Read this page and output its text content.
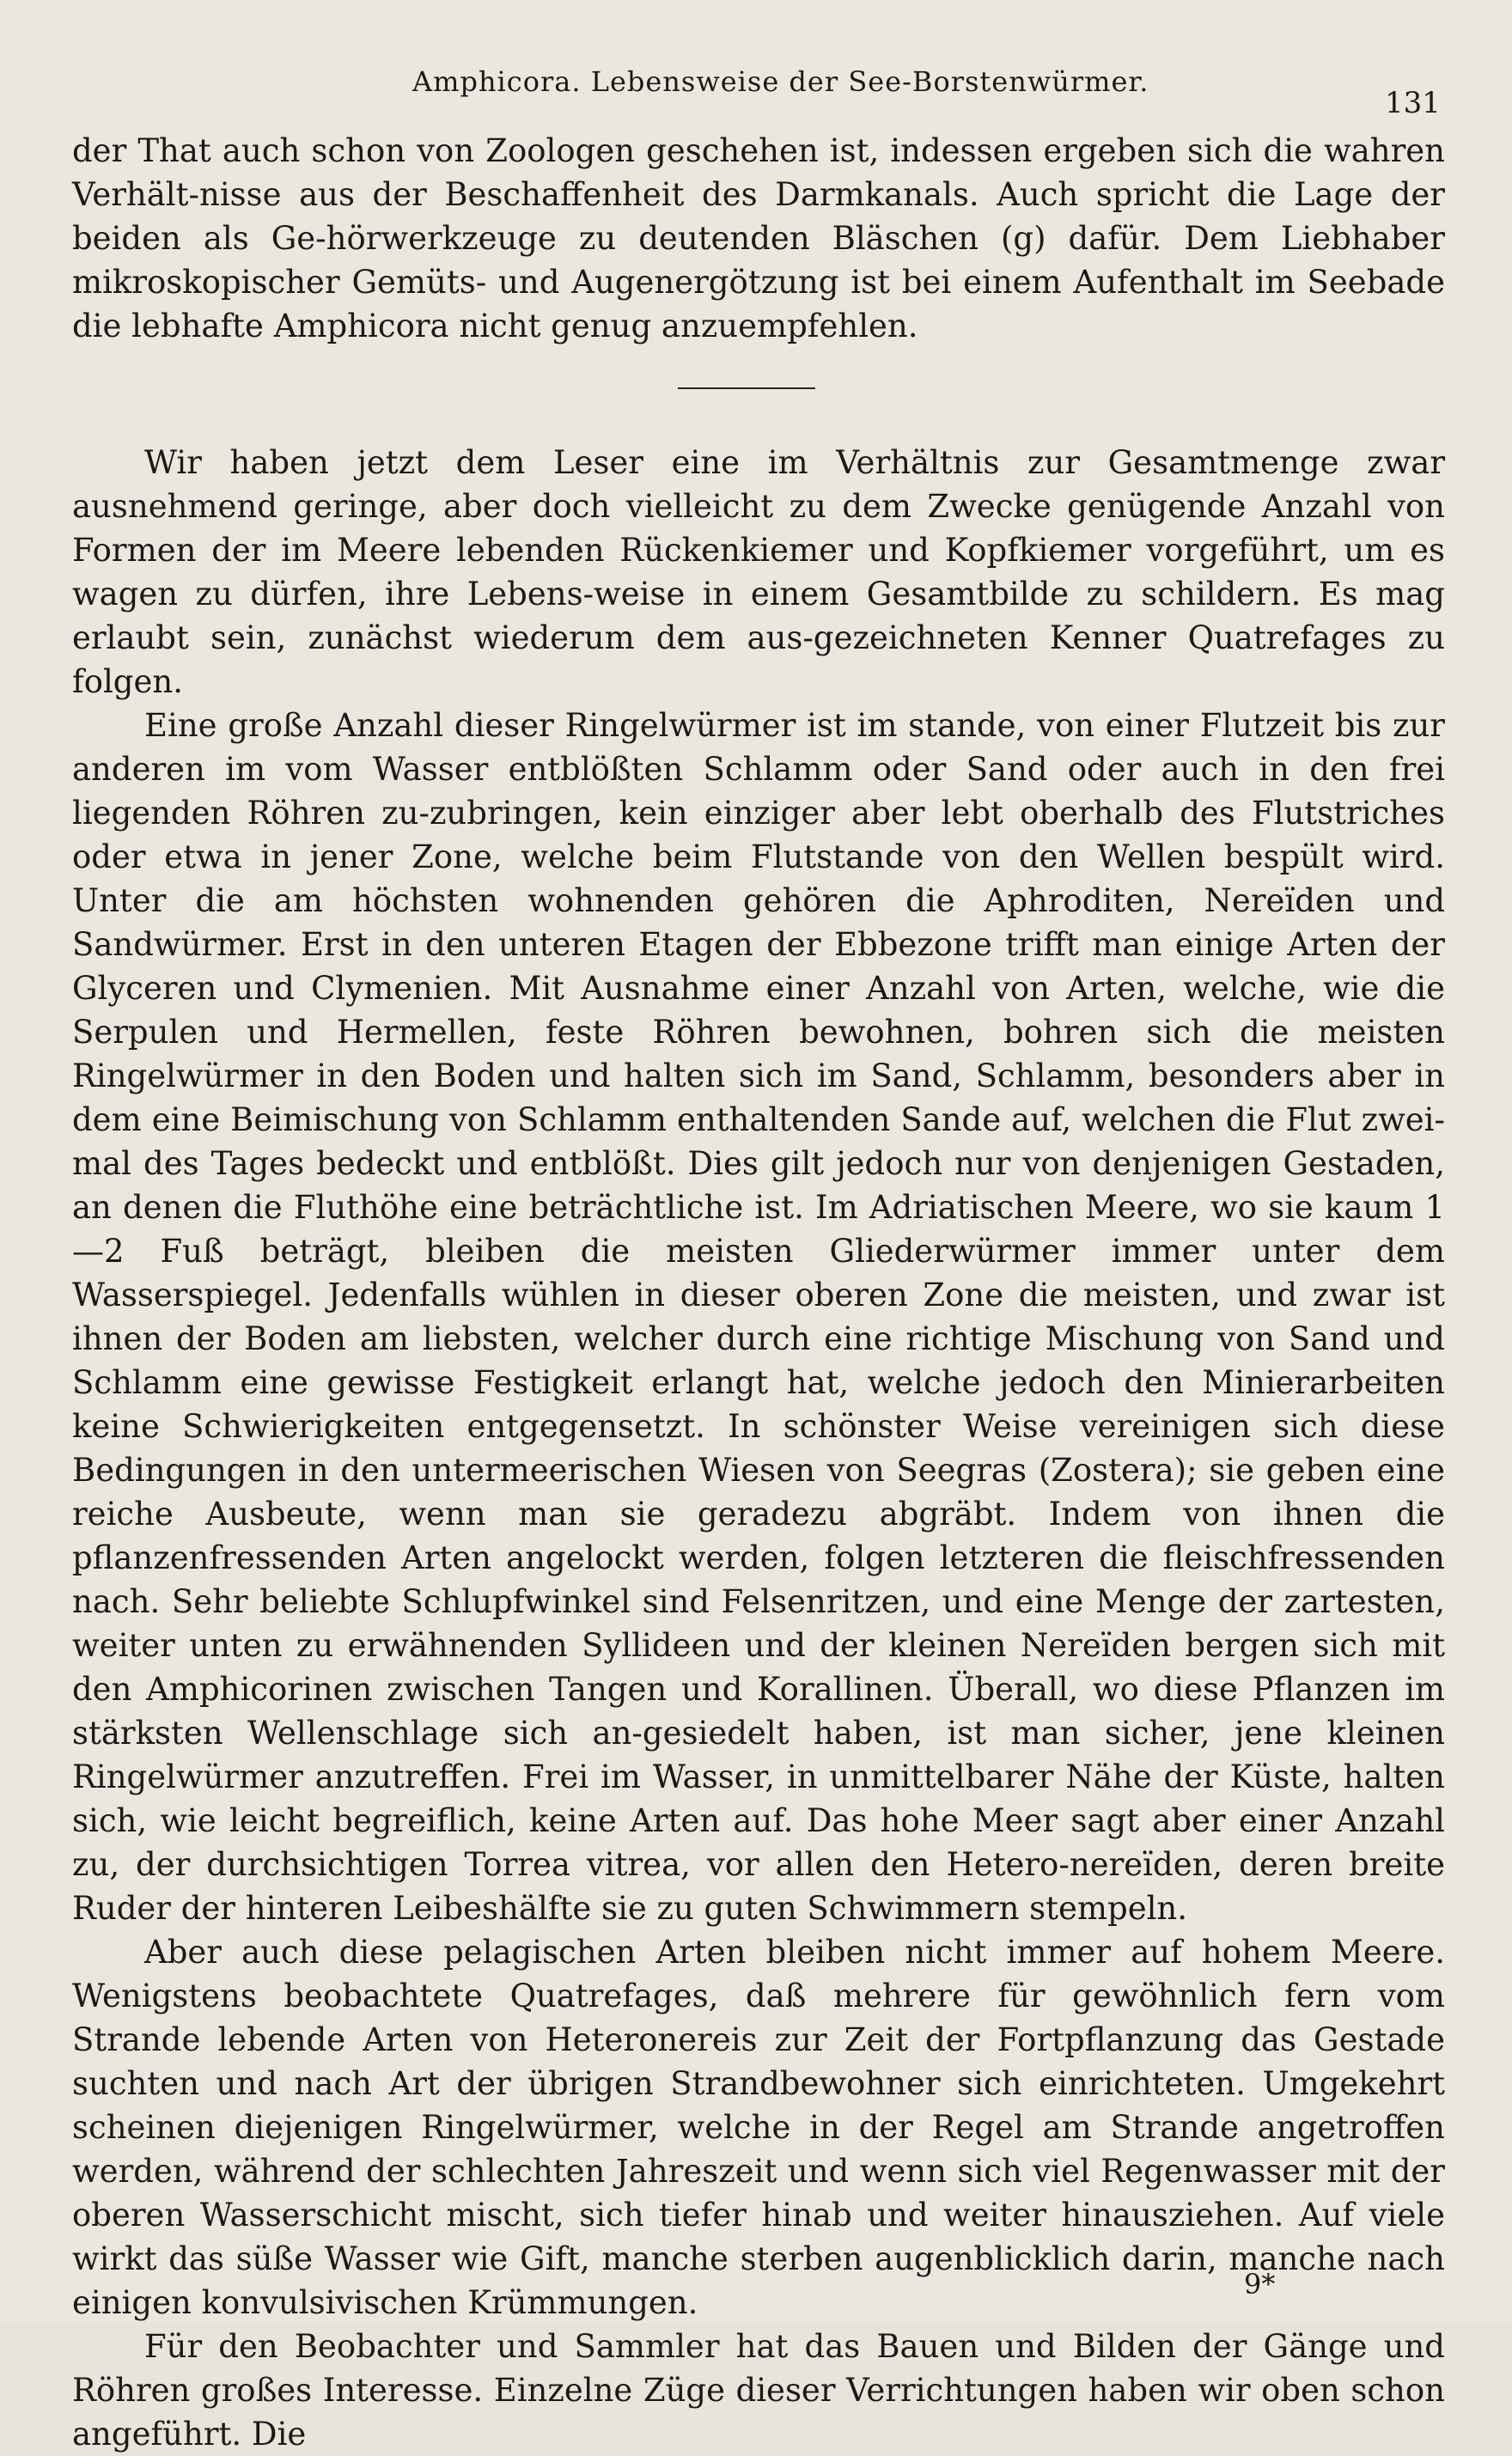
Amphicora. Lebensweise der See-Borstenwürmer.
131

der That auch schon von Zoologen geschehen ist, indessen ergeben sich die wahren Verhält-nisse aus der Beschaffenheit des Darmkanals. Auch spricht die Lage der beiden als Ge-hörwerkzeuge zu deutenden Bläschen (g) dafür. Dem Liebhaber mikroskopischer Gemüts- und Augenergötzung ist bei einem Aufenthalt im Seebade die lebhafte Amphicora nicht genug anzuempfehlen.

Wir haben jetzt dem Leser eine im Verhältnis zur Gesamtmenge zwar ausnehmend geringe, aber doch vielleicht zu dem Zwecke genügende Anzahl von Formen der im Meere lebenden Rückenkiemer und Kopfkiemer vorgeführt, um es wagen zu dürfen, ihre Lebens-weise in einem Gesamtbilde zu schildern. Es mag erlaubt sein, zunächst wiederum dem aus-gezeichneten Kenner Quatrefages zu folgen.

Eine große Anzahl dieser Ringelwürmer ist im stande, von einer Flutzeit bis zur anderen im vom Wasser entblößten Schlamm oder Sand oder auch in den frei liegenden Röhren zu-zubringen, kein einziger aber lebt oberhalb des Flutstriches oder etwa in jener Zone, welche beim Flutstande von den Wellen bespült wird. Unter die am höchsten wohnenden gehören die Aphroditen, Nereïden und Sandwürmer. Erst in den unteren Etagen der Ebbezone trifft man einige Arten der Glyceren und Clymenien. Mit Ausnahme einer Anzahl von Arten, welche, wie die Serpulen und Hermellen, feste Röhren bewohnen, bohren sich die meisten Ringelwürmer in den Boden und halten sich im Sand, Schlamm, besonders aber in dem eine Beimischung von Schlamm enthaltenden Sande auf, welchen die Flut zwei-mal des Tages bedeckt und entblößt. Dies gilt jedoch nur von denjenigen Gestaden, an denen die Fluthöhe eine beträchtliche ist. Im Adriatischen Meere, wo sie kaum 1—2 Fuß beträgt, bleiben die meisten Gliederwürmer immer unter dem Wasserspiegel. Jedenfalls wühlen in dieser oberen Zone die meisten, und zwar ist ihnen der Boden am liebsten, welcher durch eine richtige Mischung von Sand und Schlamm eine gewisse Festigkeit erlangt hat, welche jedoch den Minierarbeiten keine Schwierigkeiten entgegensetzt. In schönster Weise vereinigen sich diese Bedingungen in den untermeerischen Wiesen von Seegras (Zostera); sie geben eine reiche Ausbeute, wenn man sie geradezu abgräbt. Indem von ihnen die pflanzenfressenden Arten angelockt werden, folgen letzteren die fleischfressenden nach. Sehr beliebte Schlupfwinkel sind Felsenritzen, und eine Menge der zartesten, weiter unten zu erwähnenden Syllideen und der kleinen Nereïden bergen sich mit den Amphicorinen zwischen Tangen und Korallinen. Überall, wo diese Pflanzen im stärksten Wellenschlage sich an-gesiedelt haben, ist man sicher, jene kleinen Ringelwürmer anzutreffen. Frei im Wasser, in unmittelbarer Nähe der Küste, halten sich, wie leicht begreiflich, keine Arten auf. Das hohe Meer sagt aber einer Anzahl zu, der durchsichtigen Torrea vitrea, vor allen den Hetero-nereïden, deren breite Ruder der hinteren Leibeshälfte sie zu guten Schwimmern stempeln.

Aber auch diese pelagischen Arten bleiben nicht immer auf hohem Meere. Wenigstens beobachtete Quatrefages, daß mehrere für gewöhnlich fern vom Strande lebende Arten von Heteronereis zur Zeit der Fortpflanzung das Gestade suchten und nach Art der übrigen Strandbewohner sich einrichteten. Umgekehrt scheinen diejenigen Ringelwürmer, welche in der Regel am Strande angetroffen werden, während der schlechten Jahreszeit und wenn sich viel Regenwasser mit der oberen Wasserschicht mischt, sich tiefer hinab und weiter hinausziehen. Auf viele wirkt das süße Wasser wie Gift, manche sterben augenblicklich darin, manche nach einigen konvulsivischen Krümmungen.

Für den Beobachter und Sammler hat das Bauen und Bilden der Gänge und Röhren großes Interesse. Einzelne Züge dieser Verrichtungen haben wir oben schon angeführt. Die

9*
